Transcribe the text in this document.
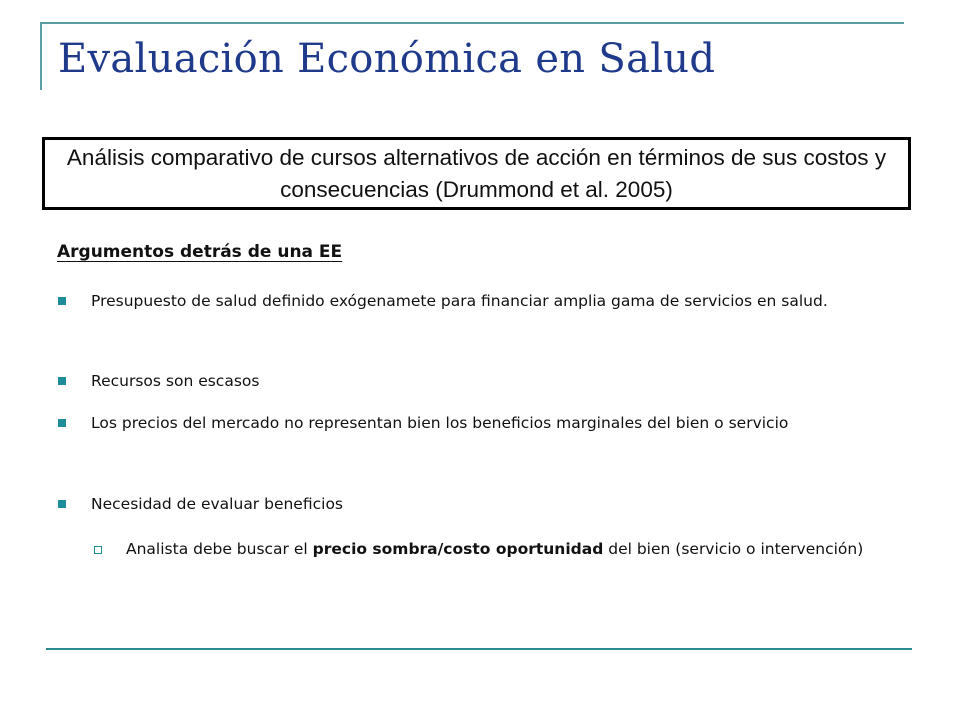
Evaluación Económica en Salud
Análisis comparativo de cursos alternativos de acción en términos de sus costos y consecuencias (Drummond et al. 2005)
Argumentos detrás de una EE
Presupuesto de salud definido exógenamete para financiar amplia gama de servicios en salud.
Recursos son escasos
Los precios del mercado no representan bien los beneficios marginales del bien o servicio
Necesidad de evaluar beneficios
Analista debe buscar el precio sombra/costo oportunidad del bien (servicio o intervención)
